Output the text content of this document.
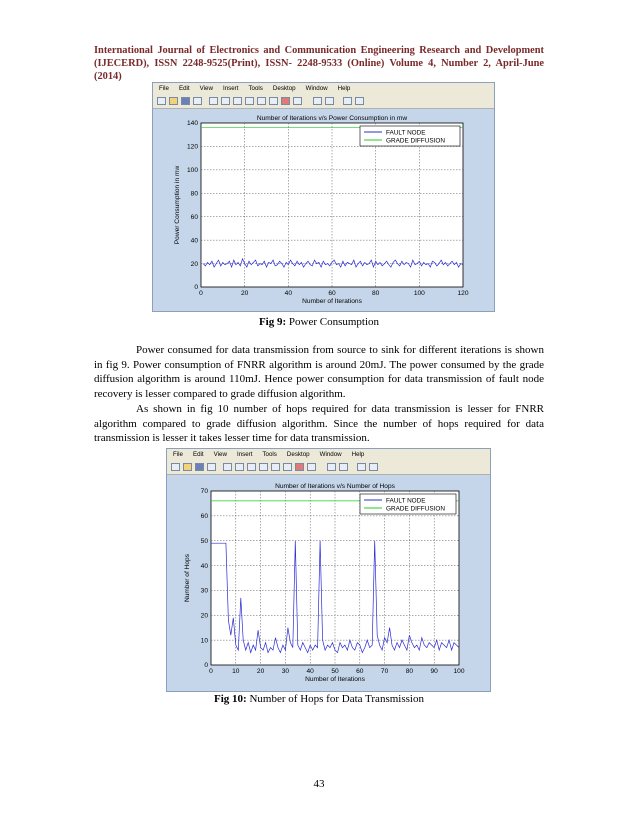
International Journal of Electronics and Communication Engineering Research and Development
(IJECERD), ISSN 2248-9525(Print), ISSN- 2248-9533 (Online) Volume 4, Number 2, April-June (2014)
File Edit View Insert Tools Desktop Window Help
Number of Iterations v/s Power Consumption in mw
0	20	40	60	80	100	120
0
20
40
60
80
100
120
140
Number of Iterations
Power Consumption in mw
FAULT NODE
GRADE DIFFUSION
Fig 9: Power Consumption
Power consumed for data transmission from source to sink for different iterations is shown in fig 9. Power consumption of FNRR algorithm is around 20mJ. The power consumed by the grade diffusion algorithm is around 110mJ. Hence power consumption for data transmission of fault node recovery is lesser compared to grade diffusion algorithm.
As shown in fig 10 number of hops required for data transmission is lesser for FNRR algorithm compared to grade diffusion algorithm. Since the number of hops required for data transmission is lesser it takes lesser time for data transmission.
File Edit View Insert Tools Desktop Window Help
Number of Iterations v/s Number of Hops
0	10	20	30	40	50	60	70	80	90 100
0
10
20
30
40
50
60
70
Number of Iterations
Number of Hops
FAULT NODE
GRADE DIFFUSION
Fig 10: Number of Hops for Data Transmission
43
